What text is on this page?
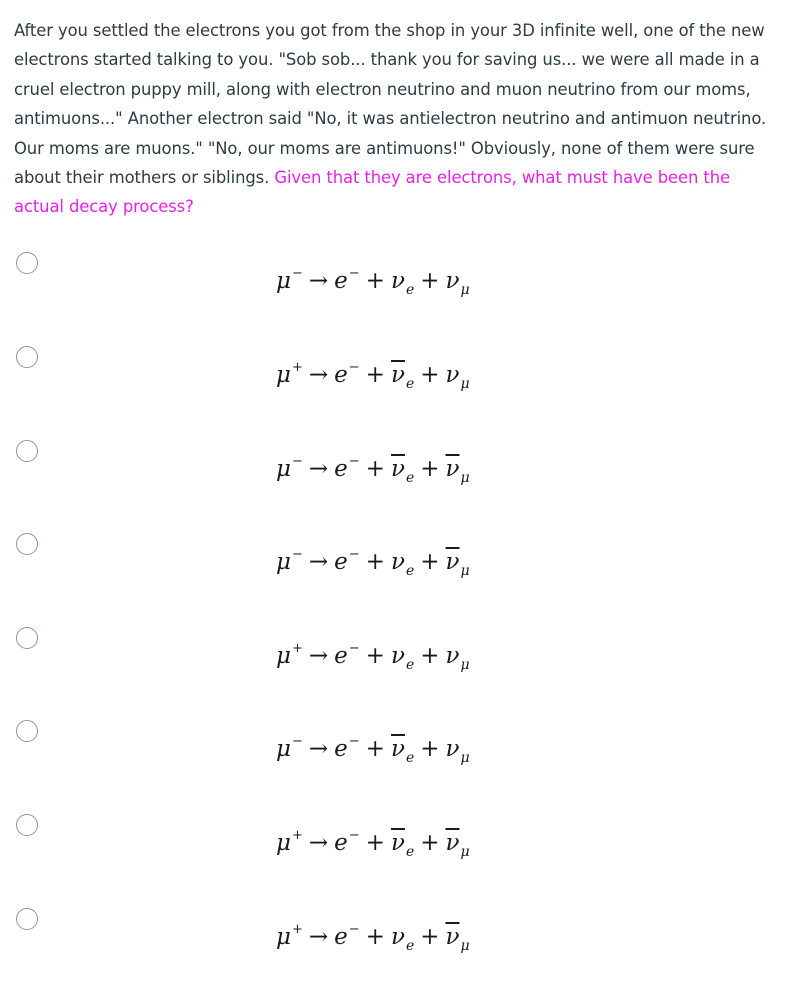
After you settled the electrons you got from the shop in your 3D infinite well, one of the new electrons started talking to you. "Sob sob... thank you for saving us... we were all made in a cruel electron puppy mill, along with electron neutrino and muon neutrino from our moms, antimuons..." Another electron said "No, it was antielectron neutrino and antimuon neutrino. Our moms are muons." "No, our moms are antimuons!" Obviously, none of them were sure about their mothers or siblings. Given that they are electrons, what must have been the actual decay process?
$\mu^- \to e^- + \nu_e + \nu_\mu$
$\mu^+ \to e^- + \overline{\nu}_e + \nu_\mu$
$\mu^- \to e^- + \overline{\nu}_e + \overline{\nu}_\mu$
$\mu^- \to e^- + \nu_e + \overline{\nu}_\mu$
$\mu^+ \to e^- + \nu_e + \nu_\mu$
$\mu^- \to e^- + \overline{\nu}_e + \nu_\mu$
$\mu^+ \to e^- + \overline{\nu}_e + \overline{\nu}_\mu$
$\mu^+ \to e^- + \nu_e + \overline{\nu}_\mu$
